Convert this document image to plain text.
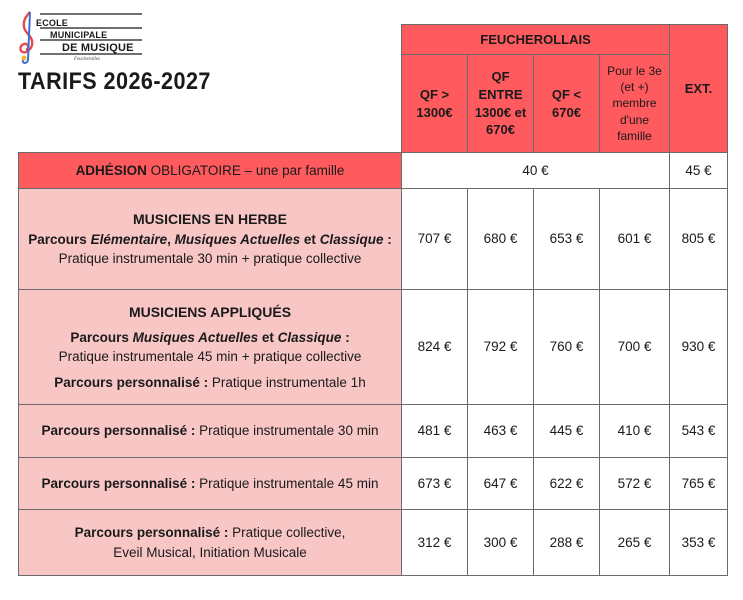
ECOLE
MUNICIPALE
DE MUSIQUE
Feucherolles
TARIFS 2026-2027
FEUCHEROLLAIS				EXT.
QF > 1300€	QF ENTRE 1300€ et 670€	QF < 670€	Pour le 3e (et +) membre d'une famille	
ADHÉSION OBLIGATOIRE – une par famille	40 €				45 €

MUSICIENS EN HERBE
Parcours Elémentaire, Musiques Actuelles et Classique :
Pratique instrumentale 30 min + pratique collective	707 €	680 €	653 €	601 €	805 €

MUSICIENS APPLIQUÉS
Parcours Musiques Actuelles et Classique :
Pratique instrumentale 45 min + pratique collective
Parcours personnalisé : Pratique instrumentale 1h	824 €	792 €	760 €	700 €	930 €
Parcours personnalisé : Pratique instrumentale 30 min	481 €	463 €	445 €	410 €	543 €
Parcours personnalisé : Pratique instrumentale 45 min	673 €	647 €	622 €	572 €	765 €

Parcours personnalisé : Pratique collective,
Eveil Musical, Initiation Musicale	312 €	300 €	288 €	265 €	353 €
